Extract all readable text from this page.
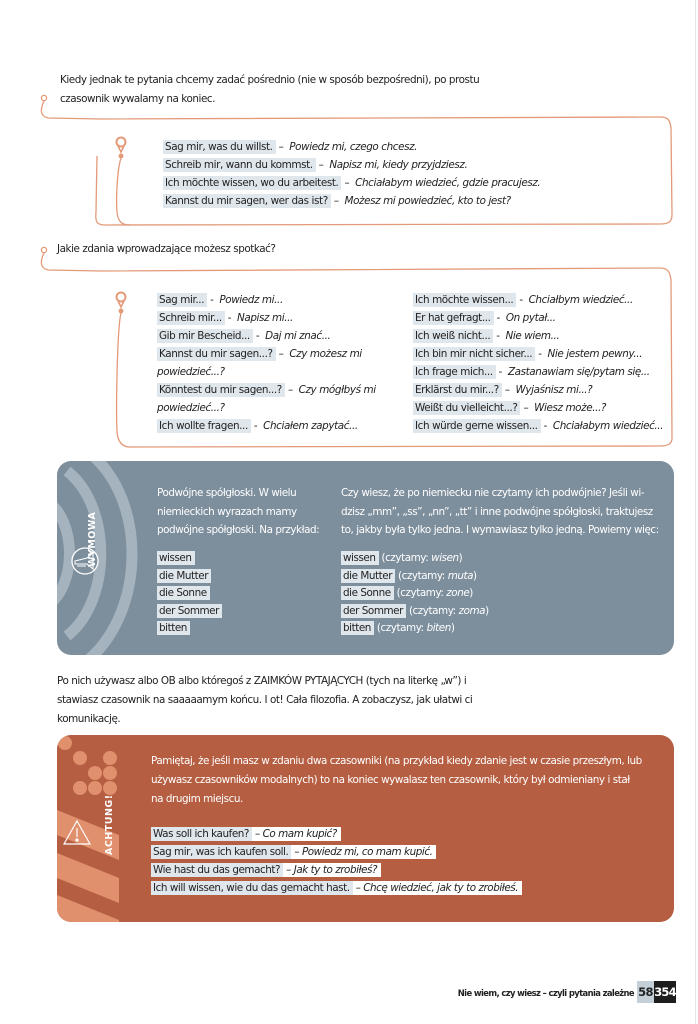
Kiedy jednak te pytania chcemy zadać pośrednio (nie w sposób bezpośredni), po prostu
czasownik wywalamy na koniec.
Sag mir, was du willst. – Powiedz mi, czego chcesz.
Schreib mir, wann du kommst. – Napisz mi, kiedy przyjdziesz.
Ich möchte wissen, wo du arbeitest. – Chciałabym wiedzieć, gdzie pracujesz.
Kannst du mir sagen, wer das ist? – Możesz mi powiedzieć, kto to jest?
Jakie zdania wprowadzające możesz spotkać?
Sag mir... - Powiedz mi...
Schreib mir... - Napisz mi...
Gib mir Bescheid... - Daj mi znać...
Kannst du mir sagen...? – Czy możesz mi powiedzieć...?
Könntest du mir sagen...? – Czy mógłbyś mi powiedzieć...?
Ich wollte fragen... - Chciałem zapytać...
Ich möchte wissen... - Chciałbym wiedzieć...
Er hat gefragt... - On pytał...
Ich weiß nicht... - Nie wiem...
Ich bin mir nicht sicher... - Nie jestem pewny...
Ich frage mich... - Zastanawiam się/pytam się...
Erklärst du mir...? – Wyjaśnisz mi...?
Weißt du vielleicht...? – Wiesz może...?
Ich würde gerne wissen... - Chciałabym wiedzieć...
WYMOWA
Podwójne spółgłoski. W wielu
niemieckich wyrazach mamy
podwójne spółgłoski. Na przykład:
wissen
die Mutter
die Sonne
der Sommer
bitten
Czy wiesz, że po niemiecku nie czytamy ich podwójnie? Jeśli wi-
dzisz „mm”, „ss”, „nn”, „tt” i inne podwójne spółgłoski, traktujesz
to, jakby była tylko jedna. I wymawiasz tylko jedną. Powiemy więc:
wissen (czytamy: wisen)
die Mutter (czytamy: muta)
die Sonne (czytamy: zone)
der Sommer (czytamy: zoma)
bitten (czytamy: biten)
Po nich używasz albo OB albo któregoś z ZAIMKÓW PYTAJĄCYCH (tych na literkę „w”) i
stawiasz czasownik na saaaaamym końcu. I ot! Cała filozofia. A zobaczysz, jak ułatwi ci
komunikację.
ACHTUNG!
Pamiętaj, że jeśli masz w zdaniu dwa czasowniki (na przykład kiedy zdanie jest w czasie przeszłym, lub
używasz czasowników modalnych) to na koniec wywalasz ten czasownik, który był odmieniany i stał
na drugim miejscu.
Was soll ich kaufen? – Co mam kupić?
Sag mir, was ich kaufen soll. – Powiedz mi, co mam kupić.
Wie hast du das gemacht? – Jak ty to zrobiłeś?
Ich will wissen, wie du das gemacht hast. – Chcę wiedzieć, jak ty to zrobiłeś.
Nie wiem, czy wiesz – czyli pytania zależne 58 354
